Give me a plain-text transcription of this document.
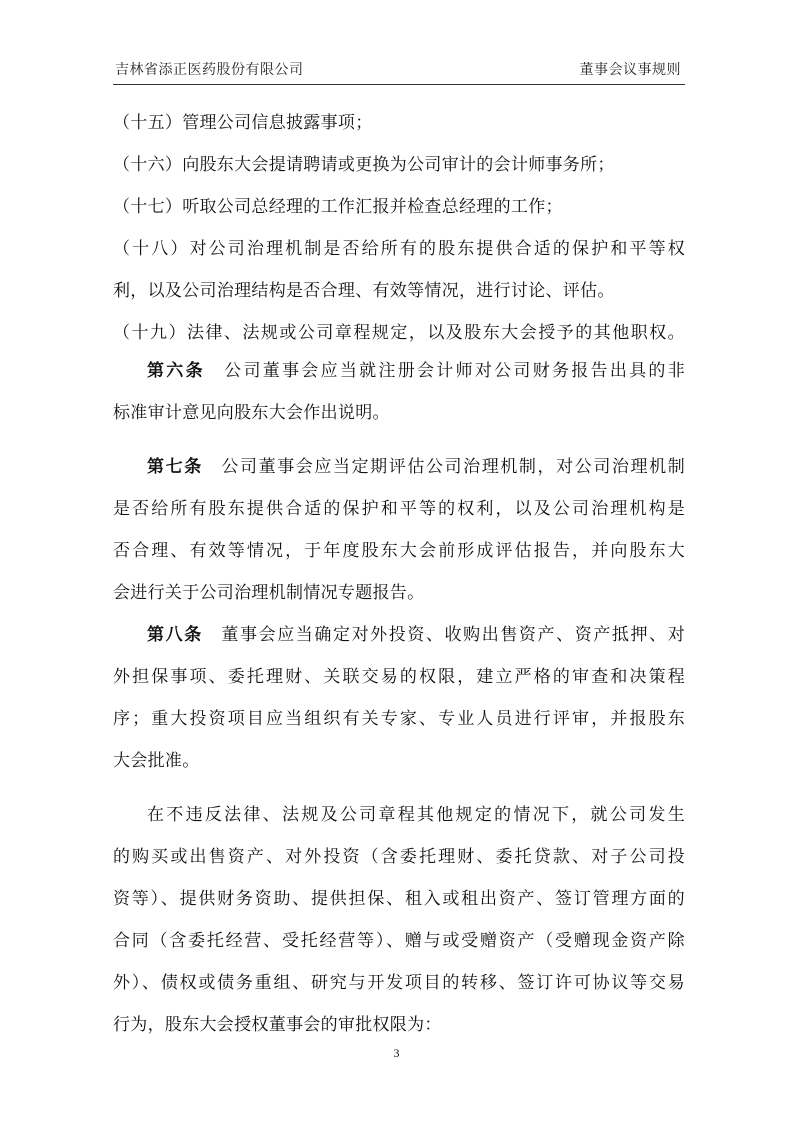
吉林省添正医药股份有限公司	董事会议事规则
（十五）管理公司信息披露事项；
（十六）向股东大会提请聘请或更换为公司审计的会计师事务所；
（十七）听取公司总经理的工作汇报并检查总经理的工作；
（十八）对公司治理机制是否给所有的股东提供合适的保护和平等权
利，以及公司治理结构是否合理、有效等情况，进行讨论、评估。
（十九）法律、法规或公司章程规定，以及股东大会授予的其他职权。
第六条  公司董事会应当就注册会计师对公司财务报告出具的非
标准审计意见向股东大会作出说明。
第七条  公司董事会应当定期评估公司治理机制，对公司治理机制
是否给所有股东提供合适的保护和平等的权利，以及公司治理机构是
否合理、有效等情况，于年度股东大会前形成评估报告，并向股东大
会进行关于公司治理机制情况专题报告。
第八条  董事会应当确定对外投资、收购出售资产、资产抵押、对
外担保事项、委托理财、关联交易的权限，建立严格的审查和决策程
序；重大投资项目应当组织有关专家、专业人员进行评审，并报股东
大会批准。
在不违反法律、法规及公司章程其他规定的情况下，就公司发生
的购买或出售资产、对外投资（含委托理财、委托贷款、对子公司投
资等）、提供财务资助、提供担保、租入或租出资产、签订管理方面的
合同（含委托经营、受托经营等）、赠与或受赠资产（受赠现金资产除
外）、债权或债务重组、研究与开发项目的转移、签订许可协议等交易
行为，股东大会授权董事会的审批权限为：
3
